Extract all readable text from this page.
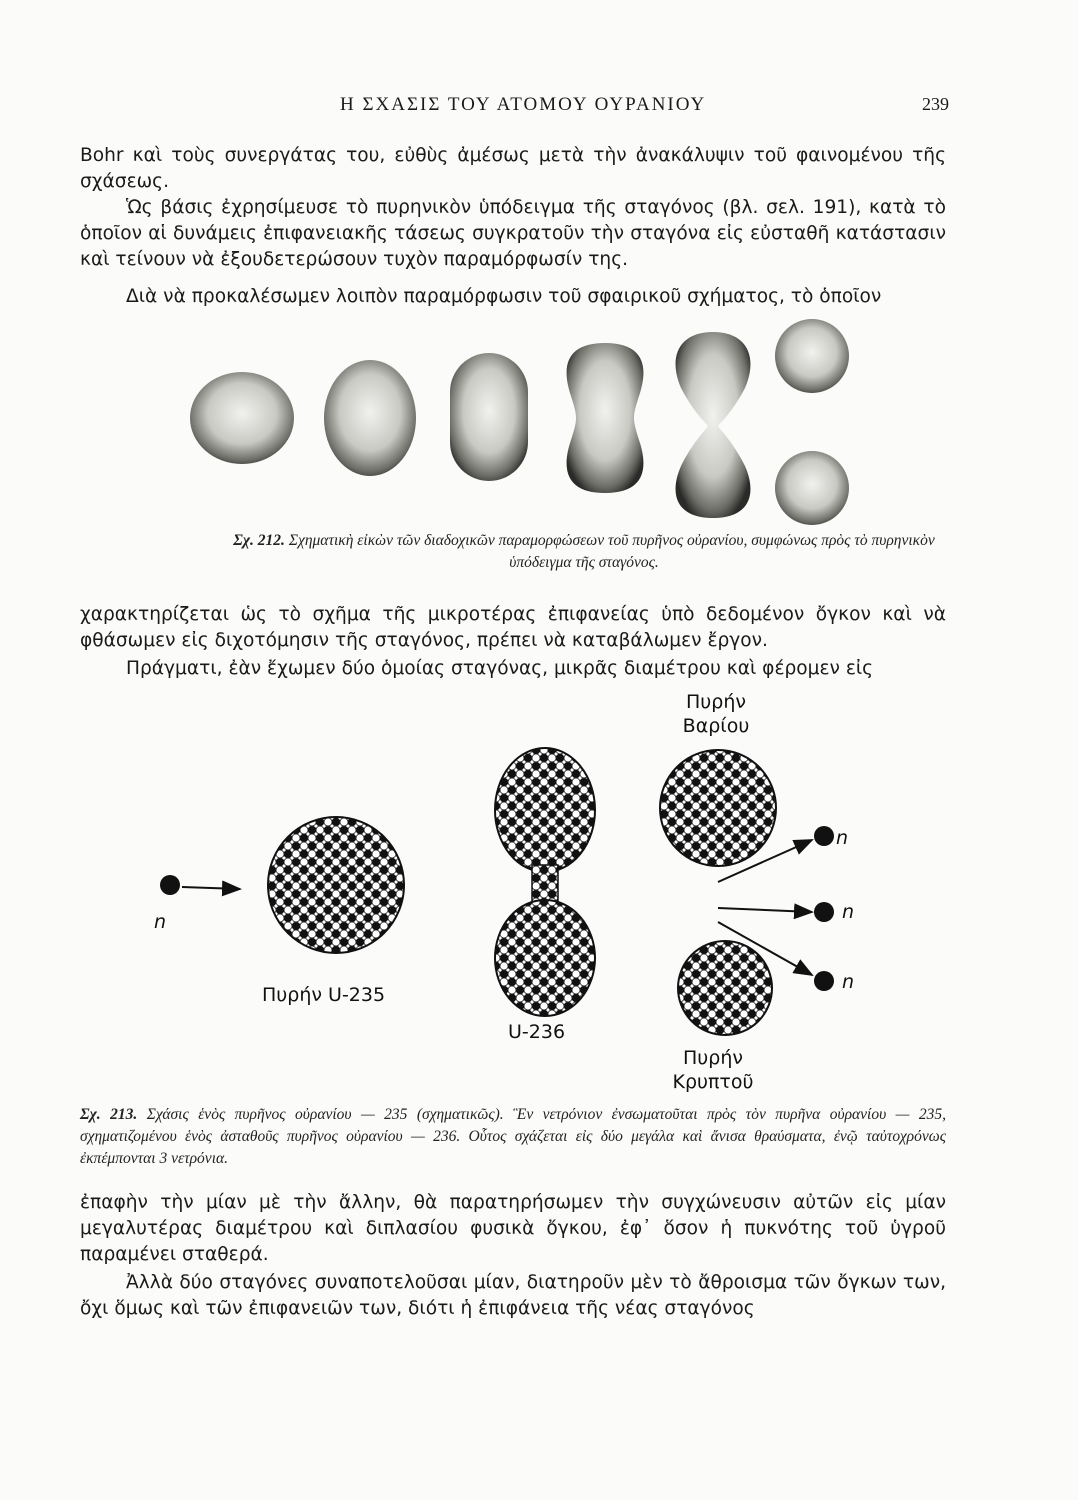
Η ΣΧΑΣΙΣ ΤΟΥ ΑΤΟΜΟΥ ΟΥΡΑΝΙΟΥ	239

Bohr καὶ τοὺς συνεργάτας του, εὐθὺς ἀμέσως μετὰ τὴν ἀνακάλυψιν τοῦ φαινομένου τῆς σχάσεως.

Ὡς βάσις ἐχρησίμευσε τὸ πυρηνικὸν ὑπόδειγμα τῆς σταγόνος (βλ. σελ. 191), κατὰ τὸ ὁποῖον αἱ δυνάμεις ἐπιφανειακῆς τάσεως συγκρατοῦν τὴν σταγόνα εἰς εὐσταθῆ κατάστασιν καὶ τείνουν νὰ ἐξουδετερώσουν τυχὸν παραμόρφωσίν της.

Διὰ νὰ προκαλέσωμεν λοιπὸν παραμόρφωσιν τοῦ σφαιρικοῦ σχήματος, τὸ ὁποῖον

Σχ. 212. Σχηματικὴ εἰκὼν τῶν διαδοχικῶν παραμορφώσεων τοῦ πυρῆνος οὐρανίου, συμφώνως πρὸς τὸ πυρηνικὸν ὑπόδειγμα τῆς σταγόνος.

χαρακτηρίζεται ὡς τὸ σχῆμα τῆς μικροτέρας ἐπιφανείας ὑπὸ δεδομένον ὄγκον καὶ νὰ φθάσωμεν εἰς διχοτόμησιν τῆς σταγόνος, πρέπει νὰ καταβάλωμεν ἔργον.

Πράγματι, ἐὰν ἔχωμεν δύο ὁμοίας σταγόνας, μικρᾶς διαμέτρου καὶ φέρομεν εἰς

n
Πυρήν U-235
U-236
Πυρήν Βαρίου
Πυρήν Κρυπτοῦ
n
n
n

Σχ. 213. Σχάσις ἑνὸς πυρῆνος οὐρανίου — 235 (σχηματικῶς). Ἓν νετρόνιον ἐνσωματοῦται πρὸς τὸν πυρῆνα οὐρανίου — 235, σχηματιζομένου ἑνὸς ἀσταθοῦς πυρῆνος οὐρανίου — 236. Οὗτος σχάζεται εἰς δύο μεγάλα καὶ ἄνισα θραύσματα, ἐνῷ ταὐτοχρόνως ἐκπέμπονται 3 νετρόνια.

ἐπαφὴν τὴν μίαν μὲ τὴν ἄλλην, θὰ παρατηρήσωμεν τὴν συγχώνευσιν αὐτῶν εἰς μίαν μεγαλυτέρας διαμέτρου καὶ διπλασίου φυσικὰ ὄγκου, ἐφ᾽ ὅσον ἡ πυκνότης τοῦ ὑγροῦ παραμένει σταθερά.

Ἀλλὰ δύο σταγόνες συναποτελοῦσαι μίαν, διατηροῦν μὲν τὸ ἄθροισμα τῶν ὄγκων των, ὄχι ὅμως καὶ τῶν ἐπιφανειῶν των, διότι ἡ ἐπιφάνεια τῆς νέας σταγόνος
